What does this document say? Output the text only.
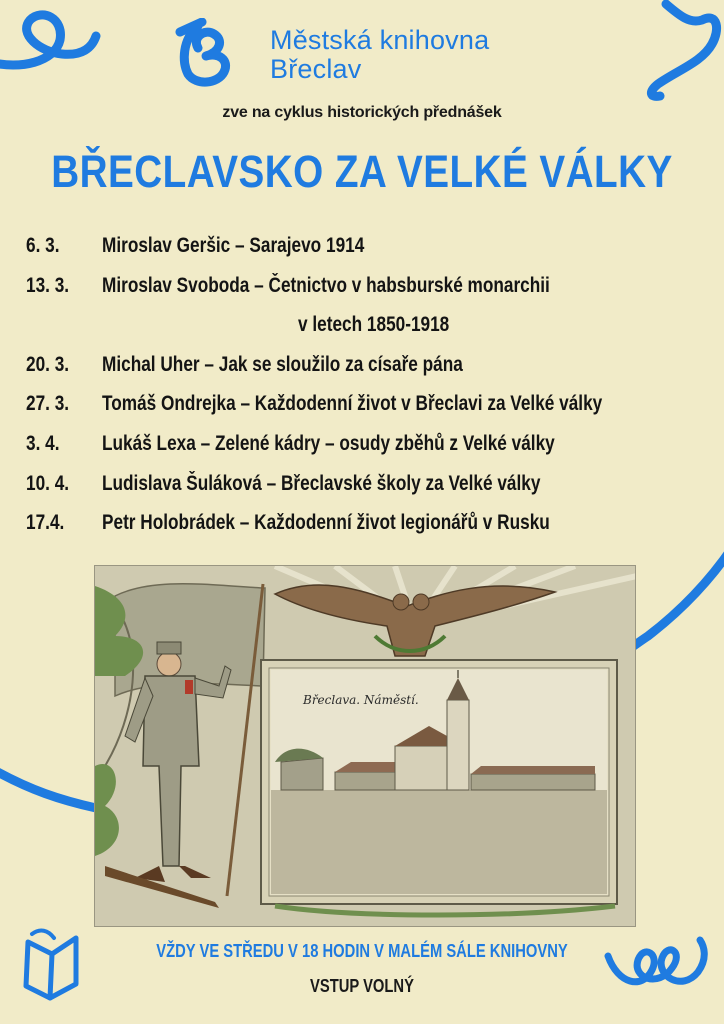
Městská knihovna
Břeclav
zve na cyklus historických přednášek
BŘECLAVSKO ZA VELKÉ VÁLKY
6. 3. Miroslav Geršic – Sarajevo 1914
13. 3. Miroslav Svoboda – Četnictvo v habsburské monarchii
v letech 1850-1918
20. 3. Michal Uher – Jak se sloužilo za císaře pána
27. 3. Tomáš Ondrejka – Každodenní život v Břeclavi za Velké války
3. 4. Lukáš Lexa – Zelené kádry – osudy zběhů z Velké války
10. 4. Ludislava Šuláková – Břeclavské školy za Velké války
17.4. Petr Holobrádek – Každodenní život legionářů v Rusku
Břeclava. Náměstí.
VŽDY VE STŘEDU V 18 HODIN V MALÉM SÁLE KNIHOVNY
VSTUP VOLNÝ
